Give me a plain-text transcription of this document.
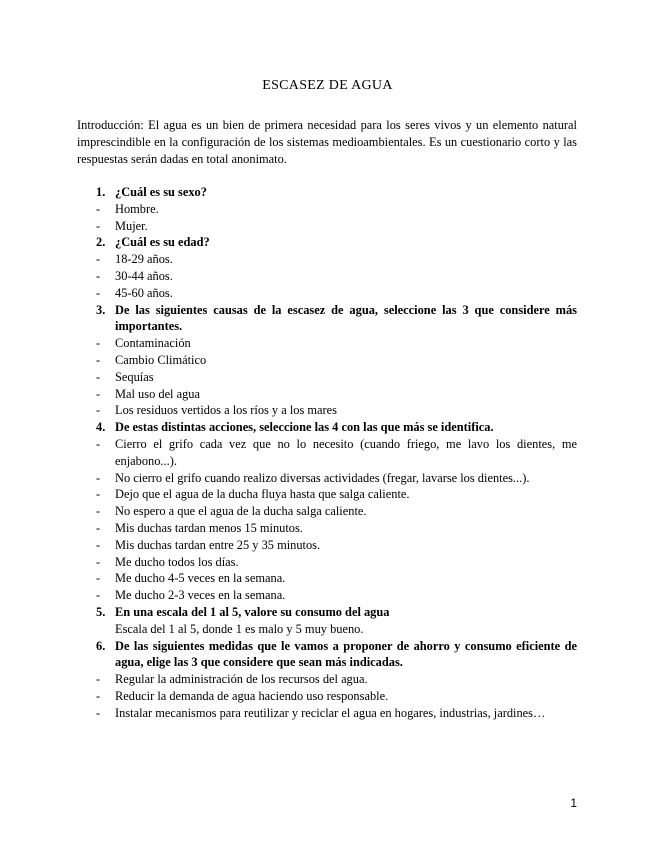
ESCASEZ DE AGUA
Introducción: El agua es un bien de primera necesidad para los seres vivos y un elemento natural imprescindible en la configuración de los sistemas medioambientales. Es un cuestionario corto y las respuestas serán dadas en total anonimato.
1. ¿Cuál es su sexo?
- Hombre.
- Mujer.
2. ¿Cuál es su edad?
- 18-29 años.
- 30-44 años.
- 45-60 años.
3. De las siguientes causas de la escasez de agua, seleccione las 3 que considere más importantes.
- Contaminación
- Cambio Climático
- Sequías
- Mal uso del agua
- Los residuos vertidos a los ríos y a los mares
4. De estas distintas acciones, seleccione las 4 con las que más se identifica.
- Cierro el grifo cada vez que no lo necesito (cuando friego, me lavo los dientes, me enjabono...).
- No cierro el grifo cuando realizo diversas actividades (fregar, lavarse los dientes...).
- Dejo que el agua de la ducha fluya hasta que salga caliente.
- No espero a que el agua de la ducha salga caliente.
- Mis duchas tardan menos 15 minutos.
- Mis duchas tardan entre 25 y 35 minutos.
- Me ducho todos los días.
- Me ducho 4-5 veces en la semana.
- Me ducho 2-3 veces en la semana.
5. En una escala del 1 al 5, valore su consumo del agua
Escala del 1 al 5, donde 1 es malo y 5 muy bueno.
6. De las siguientes medidas que le vamos a proponer de ahorro y consumo eficiente de agua, elige las 3 que considere que sean más indicadas.
- Regular la administración de los recursos del agua.
- Reducir la demanda de agua haciendo uso responsable.
- Instalar mecanismos para reutilizar y reciclar el agua en hogares, industrias, jardines…
1
